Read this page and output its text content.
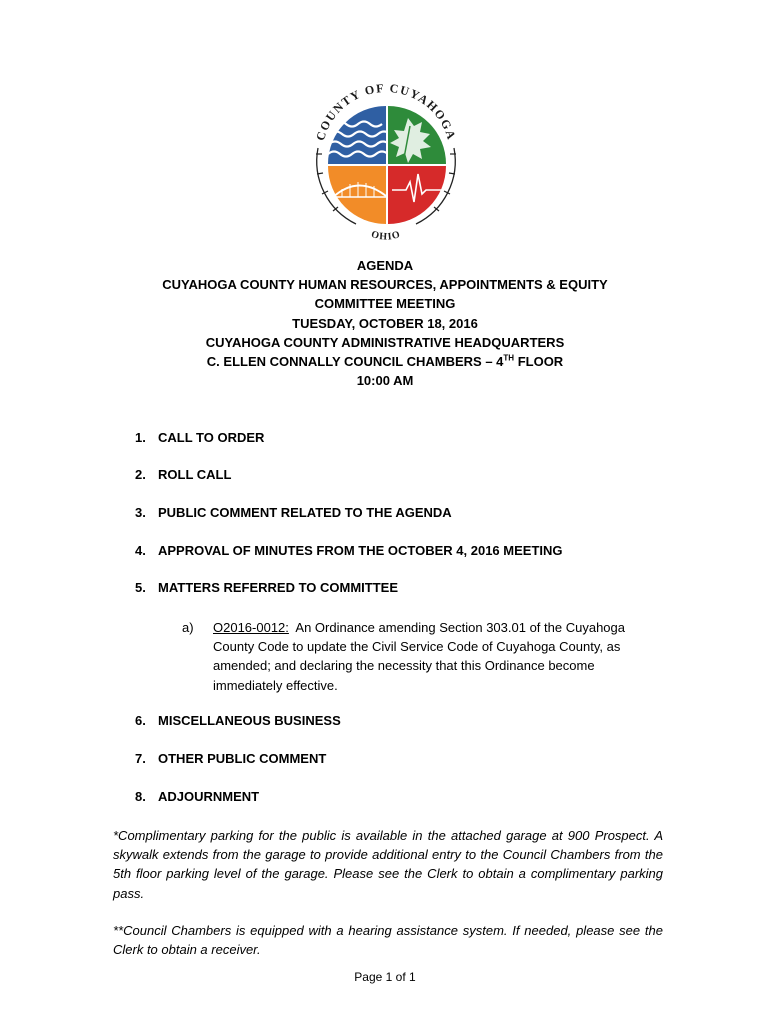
COUNTY OF CUYAHOGA
OHIO
AGENDA
CUYAHOGA COUNTY HUMAN RESOURCES, APPOINTMENTS & EQUITY
COMMITTEE MEETING
TUESDAY, OCTOBER 18, 2016
CUYAHOGA COUNTY ADMINISTRATIVE HEADQUARTERS
C. ELLEN CONNALLY COUNCIL CHAMBERS – 4TH FLOOR
10:00 AM
1. CALL TO ORDER
2. ROLL CALL
3. PUBLIC COMMENT RELATED TO THE AGENDA
4. APPROVAL OF MINUTES FROM THE OCTOBER 4, 2016 MEETING
5. MATTERS REFERRED TO COMMITTEE
a) O2016-0012: An Ordinance amending Section 303.01 of the Cuyahoga County Code to update the Civil Service Code of Cuyahoga County, as amended; and declaring the necessity that this Ordinance become immediately effective.
6. MISCELLANEOUS BUSINESS
7. OTHER PUBLIC COMMENT
8. ADJOURNMENT
*Complimentary parking for the public is available in the attached garage at 900 Prospect. A skywalk extends from the garage to provide additional entry to the Council Chambers from the 5th floor parking level of the garage. Please see the Clerk to obtain a complimentary parking pass.
**Council Chambers is equipped with a hearing assistance system. If needed, please see the Clerk to obtain a receiver.
Page 1 of 1
